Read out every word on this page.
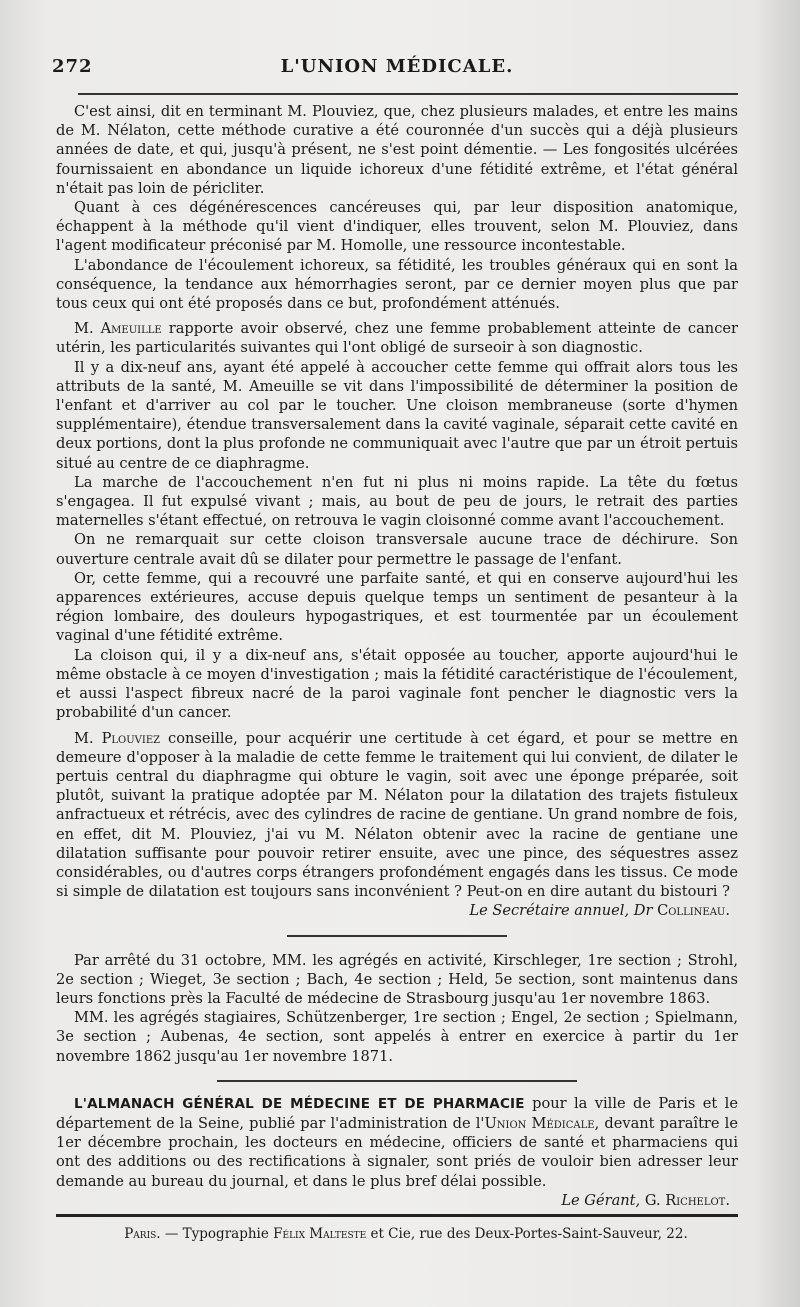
272	L'UNION MÉDICALE.

C'est ainsi, dit en terminant M. Plouviez, que, chez plusieurs malades, et entre les mains de M. Nélaton, cette méthode curative a été couronnée d'un succès qui a déjà plusieurs années de date, et qui, jusqu'à présent, ne s'est point démentie. — Les fongosités ulcérées fournissaient en abondance un liquide ichoreux d'une fétidité extrême, et l'état général n'était pas loin de péricliter.

Quant à ces dégénérescences cancéreuses qui, par leur disposition anatomique, échappent à la méthode qu'il vient d'indiquer, elles trouvent, selon M. Plouviez, dans l'agent modificateur préconisé par M. Homolle, une ressource incontestable.

L'abondance de l'écoulement ichoreux, sa fétidité, les troubles généraux qui en sont la conséquence, la tendance aux hémorrhagies seront, par ce dernier moyen plus que par tous ceux qui ont été proposés dans ce but, profondément atténués.

M. Ameuille rapporte avoir observé, chez une femme probablement atteinte de cancer utérin, les particularités suivantes qui l'ont obligé de surseoir à son diagnostic.

Il y a dix-neuf ans, ayant été appelé à accoucher cette femme qui offrait alors tous les attributs de la santé, M. Ameuille se vit dans l'impossibilité de déterminer la position de l'enfant et d'arriver au col par le toucher. Une cloison membraneuse (sorte d'hymen supplémentaire), étendue transversalement dans la cavité vaginale, séparait cette cavité en deux portions, dont la plus profonde ne communiquait avec l'autre que par un étroit pertuis situé au centre de ce diaphragme.

La marche de l'accouchement n'en fut ni plus ni moins rapide. La tête du fœtus s'engagea. Il fut expulsé vivant ; mais, au bout de peu de jours, le retrait des parties maternelles s'étant effectué, on retrouva le vagin cloisonné comme avant l'accouchement.

On ne remarquait sur cette cloison transversale aucune trace de déchirure. Son ouverture centrale avait dû se dilater pour permettre le passage de l'enfant.

Or, cette femme, qui a recouvré une parfaite santé, et qui en conserve aujourd'hui les apparences extérieures, accuse depuis quelque temps un sentiment de pesanteur à la région lombaire, des douleurs hypogastriques, et est tourmentée par un écoulement vaginal d'une fétidité extrême.

La cloison qui, il y a dix-neuf ans, s'était opposée au toucher, apporte aujourd'hui le même obstacle à ce moyen d'investigation ; mais la fétidité caractéristique de l'écoulement, et aussi l'aspect fibreux nacré de la paroi vaginale font pencher le diagnostic vers la probabilité d'un cancer.

M. Plouviez conseille, pour acquérir une certitude à cet égard, et pour se mettre en demeure d'opposer à la maladie de cette femme le traitement qui lui convient, de dilater le pertuis central du diaphragme qui obture le vagin, soit avec une éponge préparée, soit plutôt, suivant la pratique adoptée par M. Nélaton pour la dilatation des trajets fistuleux anfractueux et rétrécis, avec des cylindres de racine de gentiane. Un grand nombre de fois, en effet, dit M. Plouviez, j'ai vu M. Nélaton obtenir avec la racine de gentiane une dilatation suffisante pour pouvoir retirer ensuite, avec une pince, des séquestres assez considérables, ou d'autres corps étrangers profondément engagés dans les tissus. Ce mode si simple de dilatation est toujours sans inconvénient ? Peut-on en dire autant du bistouri ?

Le Secrétaire annuel, Dr Collineau.

Par arrêté du 31 octobre, MM. les agrégés en activité, Kirschleger, 1re section ; Strohl, 2e section ; Wieget, 3e section ; Bach, 4e section ; Held, 5e section, sont maintenus dans leurs fonctions près la Faculté de médecine de Strasbourg jusqu'au 1er novembre 1863.

MM. les agrégés stagiaires, Schützenberger, 1re section ; Engel, 2e section ; Spielmann, 3e section ; Aubenas, 4e section, sont appelés à entrer en exercice à partir du 1er novembre 1862 jusqu'au 1er novembre 1871.

L'ALMANACH GÉNÉRAL DE MÉDECINE ET DE PHARMACIE pour la ville de Paris et le département de la Seine, publié par l'administration de l'Union Médicale, devant paraître le 1er décembre prochain, les docteurs en médecine, officiers de santé et pharmaciens qui ont des additions ou des rectifications à signaler, sont priés de vouloir bien adresser leur demande au bureau du journal, et dans le plus bref délai possible.

Le Gérant, G. Richelot.

Paris. — Typographie Félix Malteste et Cie, rue des Deux-Portes-Saint-Sauveur, 22.
